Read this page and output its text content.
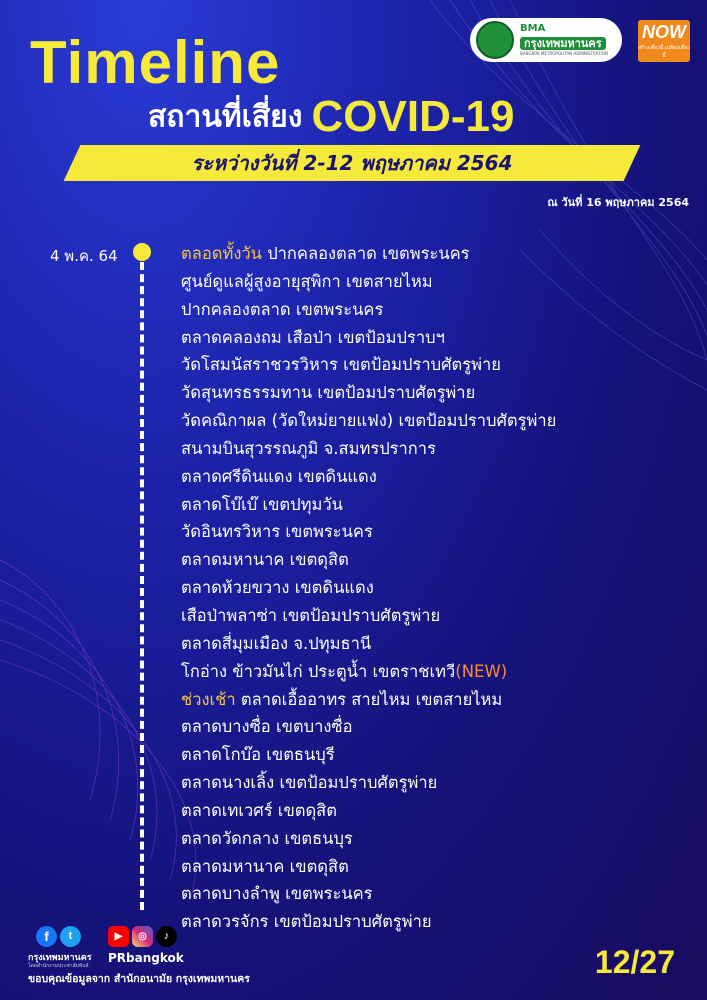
Timeline
สถานที่เสี่ยง COVID-19
ระหว่างวันที่ 2-12 พฤษภาคม 2564
ณ วันที่ 16 พฤษภาคม 2564
BMA
กรุงเทพมหานคร
BANGKOK METROPOLITAN ADMINISTRATION
NOW
สร้างเดี๋ยวนี้ เปลี่ยนเดี๋ยวนี้
4 พ.ค. 64	ตลอดทั้งวัน ปากคลองตลาด เขตพระนคร
ศูนย์ดูแลผู้สูงอายุสุพิกา เขตสายไหม
ปากคลองตลาด เขตพระนคร
ตลาดคลองถม เสือป่า เขตป้อมปราบฯ
วัดโสมนัสราชวรวิหาร เขตป้อมปราบศัตรูพ่าย
วัดสุนทรธรรมทาน เขตป้อมปราบศัตรูพ่าย
วัดคณิกาผล (วัดใหม่ยายแฟง) เขตป้อมปราบศัตรูพ่าย
สนามบินสุวรรณภูมิ จ.สมทรปราการ
ตลาดศรีดินแดง เขตดินแดง
ตลาดโบ๊เบ๊ เขตปทุมวัน
วัดอินทรวิหาร เขตพระนคร
ตลาดมหานาค เขตดุสิต
ตลาดห้วยขวาง เขตดินแดง
เสือป่าพลาซ่า เขตป้อมปราบศัตรูพ่าย
ตลาดสี่มุมเมือง จ.ปทุมธานี
โกอ่าง ข้าวมันไก่ ประตูน้ำ เขตราชเทวี(NEW)
ช่วงเช้า ตลาดเอื้ออาทร สายไหม เขตสายไหม
ตลาดบางซื่อ เขตบางซื่อ
ตลาดโกบ๊อ เขตธนบุรี
ตลาดนางเลิ้ง เขตป้อมปราบศัตรูพ่าย
ตลาดเทเวศร์ เขตดุสิต
ตลาดวัดกลาง เขตธนบุร
ตลาดมหานาค เขตดุสิต
ตลาดบางลำพู เขตพระนคร
ตลาดวรจักร เขตป้อมปราบศัตรูพ่าย
f	t	▶	◎	♪
กรุงเทพมหานคร
โดยสำนักงานประชาสัมพันธ์
PRbangkok
ขอบคุณข้อมูลจาก สำนักอนามัย กรุงเทพมหานคร	12/27
